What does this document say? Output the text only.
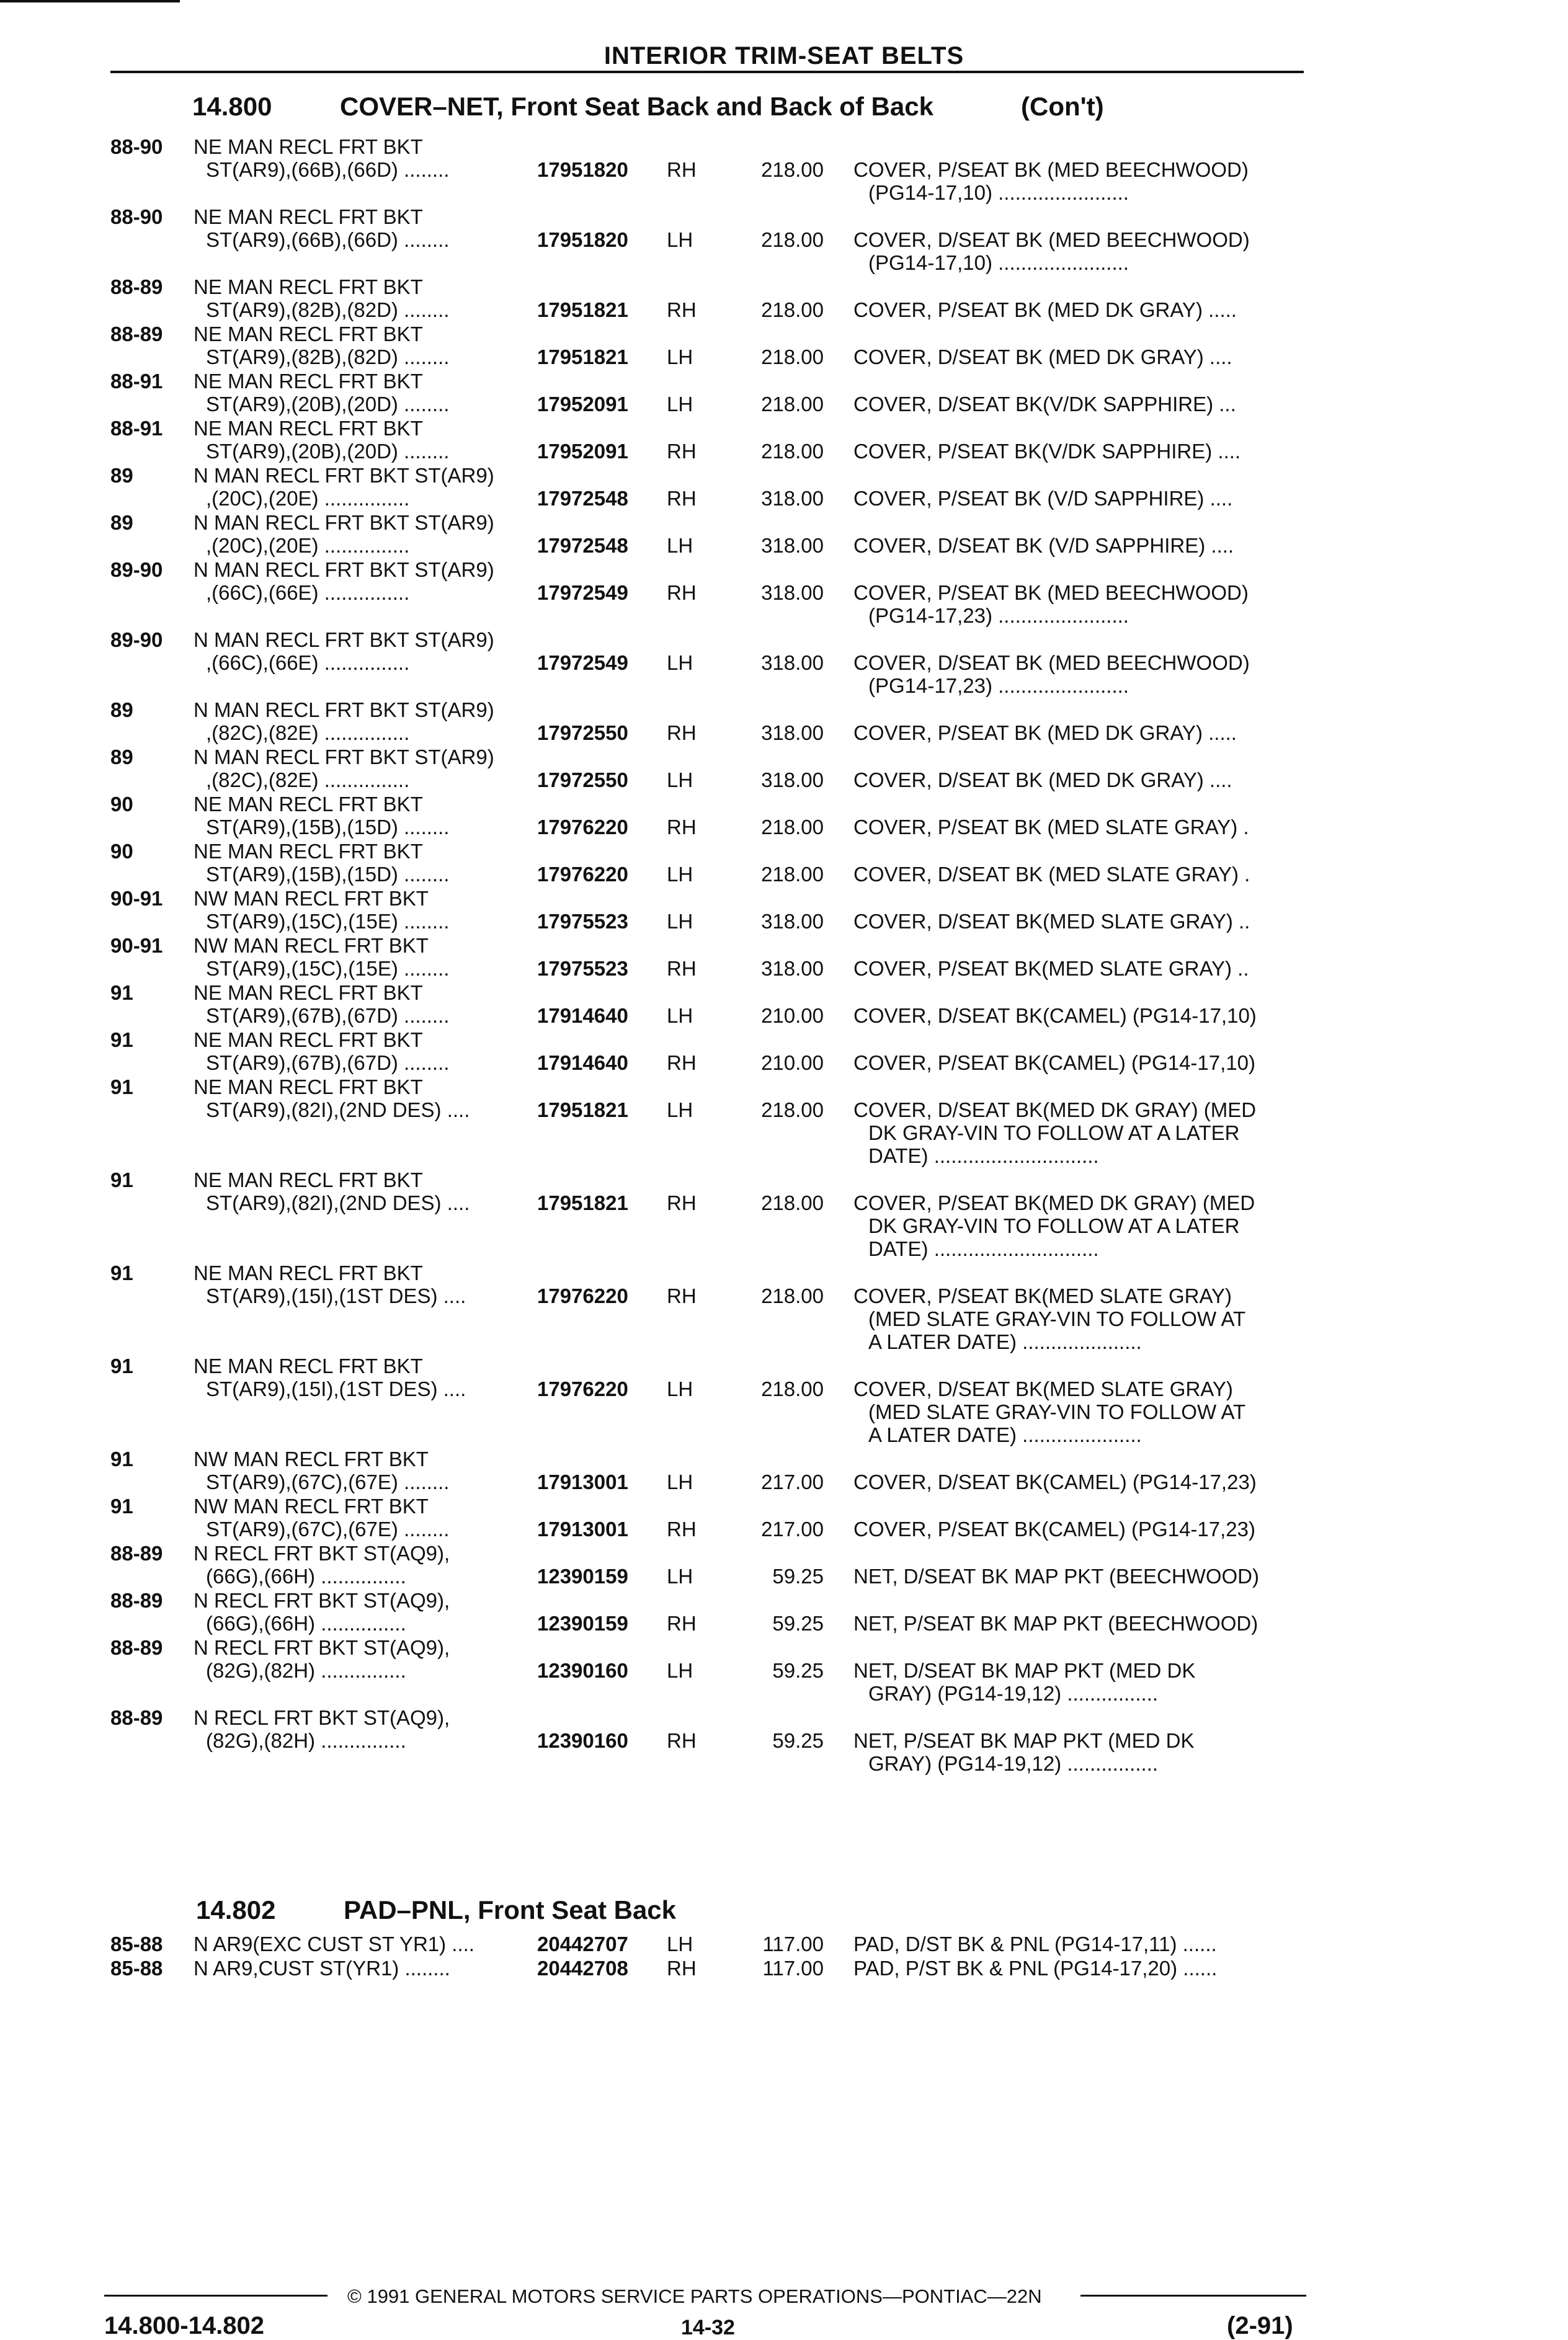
INTERIOR TRIM-SEAT BELTS
14.800	COVER–NET, Front Seat Back and Back of Back	(Con't)
88-90 NE MAN RECL FRT BKT
ST(AR9),(66B),(66D) ........	17951820 RH	218.00 COVER, P/SEAT BK (MED BEECHWOOD)
(PG14-17,10) .......................
88-90 NE MAN RECL FRT BKT
ST(AR9),(66B),(66D) ........	17951820 LH	218.00 COVER, D/SEAT BK (MED BEECHWOOD)
(PG14-17,10) .......................
88-89 NE MAN RECL FRT BKT
ST(AR9),(82B),(82D) ........	17951821 RH	218.00 COVER, P/SEAT BK (MED DK GRAY) .....
88-89 NE MAN RECL FRT BKT
ST(AR9),(82B),(82D) ........	17951821 LH	218.00 COVER, D/SEAT BK (MED DK GRAY) ....
88-91 NE MAN RECL FRT BKT
ST(AR9),(20B),(20D) ........	17952091 LH	218.00 COVER, D/SEAT BK(V/DK SAPPHIRE) ...
88-91 NE MAN RECL FRT BKT
ST(AR9),(20B),(20D) ........	17952091 RH	218.00 COVER, P/SEAT BK(V/DK SAPPHIRE) ....
89	N MAN RECL FRT BKT ST(AR9)
,(20C),(20E) ...............	17972548 RH	318.00 COVER, P/SEAT BK (V/D SAPPHIRE) ....
89	N MAN RECL FRT BKT ST(AR9)
,(20C),(20E) ...............	17972548 LH	318.00 COVER, D/SEAT BK (V/D SAPPHIRE) ....
89-90 N MAN RECL FRT BKT ST(AR9)
,(66C),(66E) ...............	17972549 RH	318.00 COVER, P/SEAT BK (MED BEECHWOOD)
(PG14-17,23) .......................
89-90 N MAN RECL FRT BKT ST(AR9)
,(66C),(66E) ...............	17972549 LH	318.00 COVER, D/SEAT BK (MED BEECHWOOD)
(PG14-17,23) .......................
89	N MAN RECL FRT BKT ST(AR9)
,(82C),(82E) ...............	17972550 RH	318.00 COVER, P/SEAT BK (MED DK GRAY) .....
89	N MAN RECL FRT BKT ST(AR9)
,(82C),(82E) ...............	17972550 LH	318.00 COVER, D/SEAT BK (MED DK GRAY) ....
90	NE MAN RECL FRT BKT
ST(AR9),(15B),(15D) ........	17976220 RH	218.00 COVER, P/SEAT BK (MED SLATE GRAY) .
90	NE MAN RECL FRT BKT
ST(AR9),(15B),(15D) ........	17976220 LH	218.00 COVER, D/SEAT BK (MED SLATE GRAY) .
90-91 NW MAN RECL FRT BKT
ST(AR9),(15C),(15E) ........	17975523 LH	318.00 COVER, D/SEAT BK(MED SLATE GRAY) ..
90-91 NW MAN RECL FRT BKT
ST(AR9),(15C),(15E) ........	17975523 RH	318.00 COVER, P/SEAT BK(MED SLATE GRAY) ..
91	NE MAN RECL FRT BKT
ST(AR9),(67B),(67D) ........	17914640 LH	210.00 COVER, D/SEAT BK(CAMEL) (PG14-17,10)
91	NE MAN RECL FRT BKT
ST(AR9),(67B),(67D) ........	17914640 RH	210.00 COVER, P/SEAT BK(CAMEL) (PG14-17,10)
91	NE MAN RECL FRT BKT
ST(AR9),(82I),(2ND DES) ....	17951821 LH	218.00 COVER, D/SEAT BK(MED DK GRAY) (MED
DK GRAY-VIN TO FOLLOW AT A LATER
DATE) .............................
91	NE MAN RECL FRT BKT
ST(AR9),(82I),(2ND DES) ....	17951821 RH	218.00 COVER, P/SEAT BK(MED DK GRAY) (MED
DK GRAY-VIN TO FOLLOW AT A LATER
DATE) .............................
91	NE MAN RECL FRT BKT
ST(AR9),(15I),(1ST DES) ....	17976220 RH	218.00 COVER, P/SEAT BK(MED SLATE GRAY)
(MED SLATE GRAY-VIN TO FOLLOW AT
A LATER DATE) .....................
91	NE MAN RECL FRT BKT
ST(AR9),(15I),(1ST DES) ....	17976220 LH	218.00 COVER, D/SEAT BK(MED SLATE GRAY)
(MED SLATE GRAY-VIN TO FOLLOW AT
A LATER DATE) .....................
91	NW MAN RECL FRT BKT
ST(AR9),(67C),(67E) ........	17913001 LH	217.00 COVER, D/SEAT BK(CAMEL) (PG14-17,23)
91	NW MAN RECL FRT BKT
ST(AR9),(67C),(67E) ........	17913001 RH	217.00 COVER, P/SEAT BK(CAMEL) (PG14-17,23)
88-89 N RECL FRT BKT ST(AQ9),
(66G),(66H) ...............	12390159 LH	59.25 NET, D/SEAT BK MAP PKT (BEECHWOOD)
88-89 N RECL FRT BKT ST(AQ9),
(66G),(66H) ...............	12390159 RH	59.25 NET, P/SEAT BK MAP PKT (BEECHWOOD)
88-89 N RECL FRT BKT ST(AQ9),
(82G),(82H) ...............	12390160 LH	59.25 NET, D/SEAT BK MAP PKT (MED DK
GRAY) (PG14-19,12) ................
88-89 N RECL FRT BKT ST(AQ9),
(82G),(82H) ...............	12390160 RH	59.25 NET, P/SEAT BK MAP PKT (MED DK
GRAY) (PG14-19,12) ................
85-88 N AR9(EXC CUST ST YR1) ....	20442707 LH	117.00 PAD, D/ST BK & PNL (PG14-17,11) ......
85-88 N AR9,CUST ST(YR1) ........	20442708 RH	117.00 PAD, P/ST BK & PNL (PG14-17,20) ......
14.802	PAD–PNL, Front Seat Back
© 1991 GENERAL MOTORS SERVICE PARTS OPERATIONS—PONTIAC—22N
14.800-14.802	14-32	(2-91)
